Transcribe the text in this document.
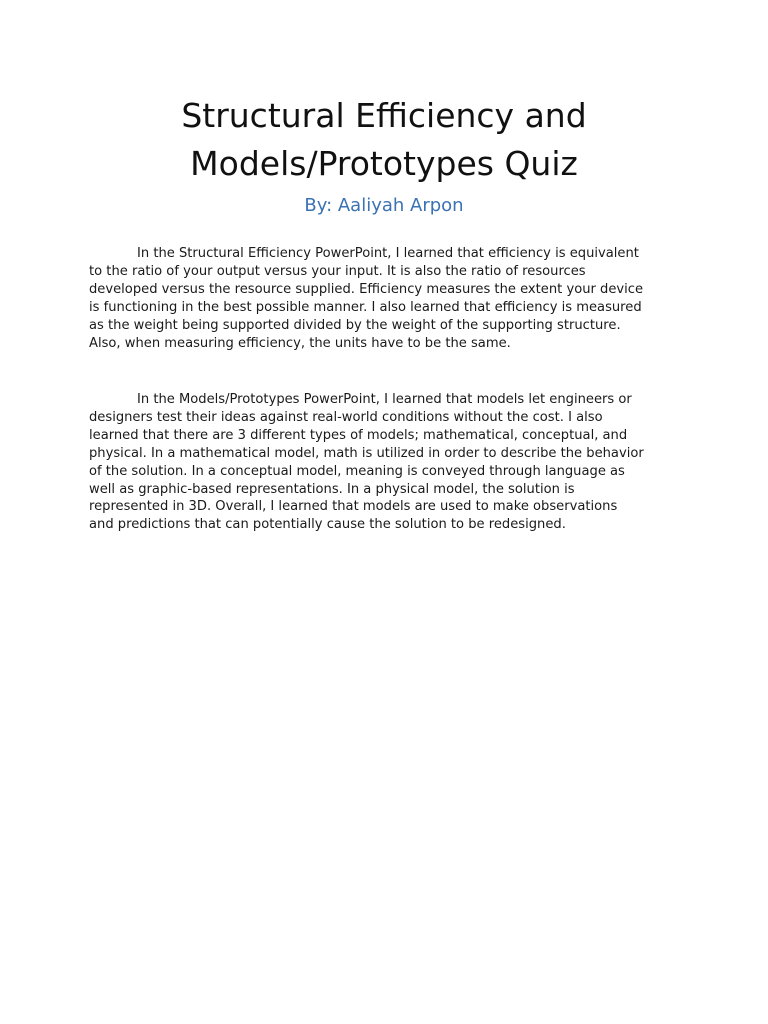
Structural Efficiency and
Models/Prototypes Quiz

By: Aaliyah Arpon

In the Structural Efficiency PowerPoint, I learned that efficiency is equivalent
to the ratio of your output versus your input. It is also the ratio of resources
developed versus the resource supplied. Efficiency measures the extent your device
is functioning in the best possible manner. I also learned that efficiency is measured
as the weight being supported divided by the weight of the supporting structure.
Also, when measuring efficiency, the units have to be the same.
In the Models/Prototypes PowerPoint, I learned that models let engineers or
designers test their ideas against real-world conditions without the cost. I also
learned that there are 3 different types of models; mathematical, conceptual, and
physical. In a mathematical model, math is utilized in order to describe the behavior
of the solution. In a conceptual model, meaning is conveyed through language as
well as graphic-based representations. In a physical model, the solution is
represented in 3D. Overall, I learned that models are used to make observations
and predictions that can potentially cause the solution to be redesigned.
